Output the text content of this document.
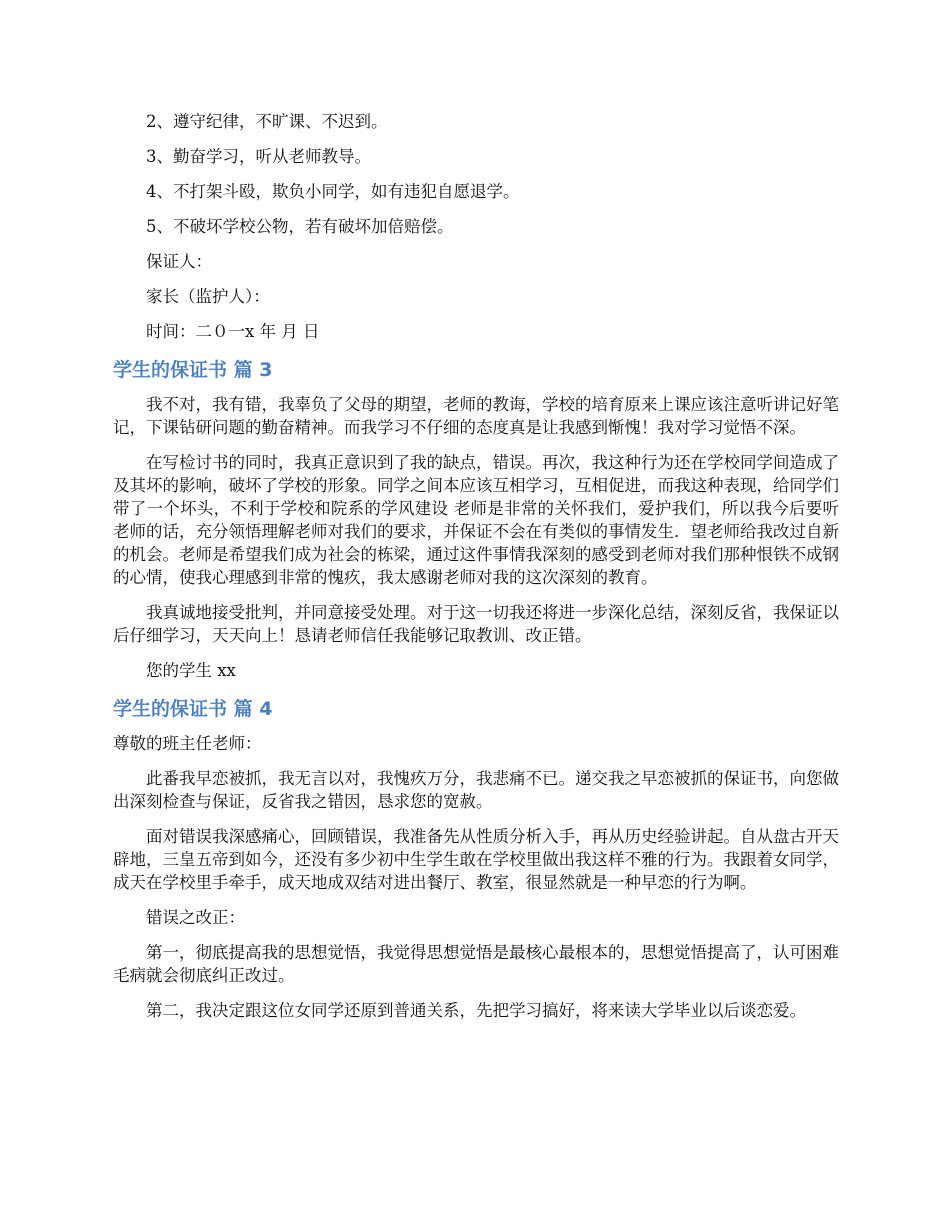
2、遵守纪律，不旷课、不迟到。
3、勤奋学习，听从老师教导。
4、不打架斗殴，欺负小同学，如有违犯自愿退学。
5、不破坏学校公物，若有破坏加倍赔偿。
保证人：
家长（监护人）：
时间：二０一x 年 月 日
学生的保证书 篇 3

我不对，我有错，我辜负了父母的期望，老师的教诲，学校的培育原来上课应该注意听讲记好笔记，下课钻研问题的勤奋精神。而我学习不仔细的态度真是让我感到惭愧！我对学习觉悟不深。

在写检讨书的同时，我真正意识到了我的缺点，错误。再次，我这种行为还在学校同学间造成了及其坏的影响，破坏了学校的形象。同学之间本应该互相学习，互相促进，而我这种表现，给同学们带了一个坏头，不利于学校和院系的学风建设 老师是非常的关怀我们，爱护我们，所以我今后要听老师的话，充分领悟理解老师对我们的要求，并保证不会在有类似的事情发生．望老师给我改过自新的机会。老师是希望我们成为社会的栋梁，通过这件事情我深刻的感受到老师对我们那种恨铁不成钢的心情，使我心理感到非常的愧疚，我太感谢老师对我的这次深刻的教育。

我真诚地接受批判，并同意接受处理。对于这一切我还将进一步深化总结，深刻反省，我保证以后仔细学习，天天向上！恳请老师信任我能够记取教训、改正错。

您的学生 xx

学生的保证书 篇 4

尊敬的班主任老师：

此番我早恋被抓，我无言以对，我愧疚万分，我悲痛不已。递交我之早恋被抓的保证书，向您做出深刻检查与保证，反省我之错因，恳求您的宽赦。

面对错误我深感痛心，回顾错误，我准备先从性质分析入手，再从历史经验讲起。自从盘古开天辟地，三皇五帝到如今，还没有多少初中生学生敢在学校里做出我这样不雅的行为。我跟着女同学，成天在学校里手牵手，成天地成双结对进出餐厅、教室，很显然就是一种早恋的行为啊。

错误之改正：

第一，彻底提高我的思想觉悟，我觉得思想觉悟是最核心最根本的，思想觉悟提高了，认可困难毛病就会彻底纠正改过。

第二，我决定跟这位女同学还原到普通关系，先把学习搞好，将来读大学毕业以后谈恋爱。
